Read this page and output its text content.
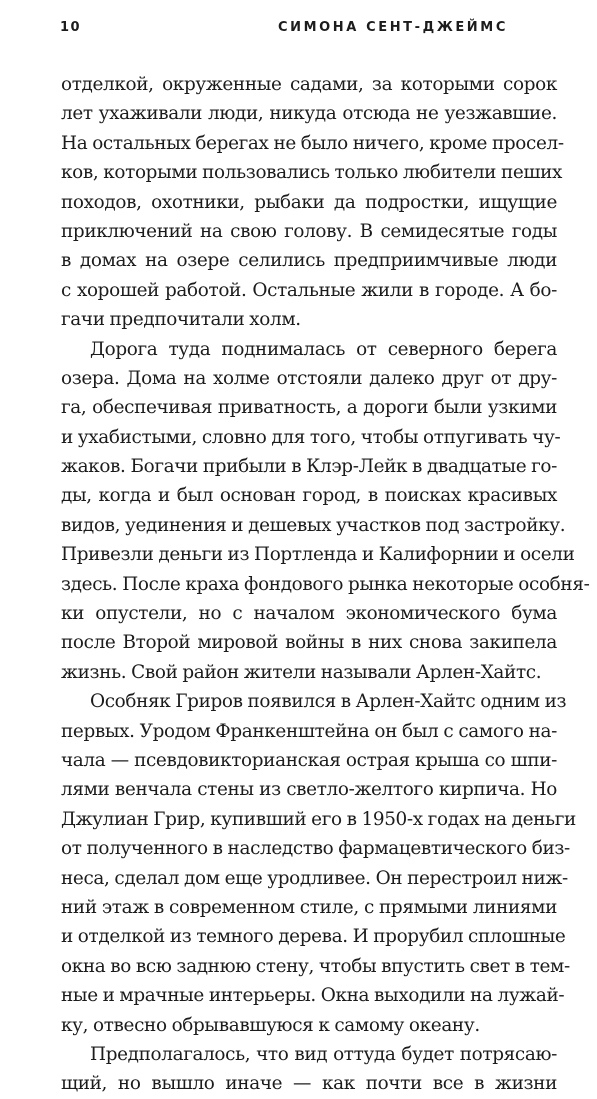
10	СИМОНА СЕНТ-ДЖЕЙМС

отделкой, окруженные садами, за которыми сорок
лет ухаживали люди, никуда отсюда не уезжавшие.
На остальных берегах не было ничего, кроме просел-
ков, которыми пользовались только любители пеших
походов, охотники, рыбаки да подростки, ищущие
приключений на свою голову. В семидесятые годы
в домах на озере селились предприимчивые люди
с хорошей работой. Остальные жили в городе. А бо-
гачи предпочитали холм.

Дорога туда поднималась от северного берега
озера. Дома на холме отстояли далеко друг от дру-
га, обеспечивая приватность, а дороги были узкими
и ухабистыми, словно для того, чтобы отпугивать чу-
жаков. Богачи прибыли в Клэр-Лейк в двадцатые го-
ды, когда и был основан город, в поисках красивых
видов, уединения и дешевых участков под застройку.
Привезли деньги из Портленда и Калифорнии и осели
здесь. После краха фондового рынка некоторые особня-
ки опустели, но с началом экономического бума
после Второй мировой войны в них снова закипела
жизнь. Свой район жители называли Арлен-Хайтс.

Особняк Гриров появился в Арлен-Хайтс одним из
первых. Уродом Франкенштейна он был с самого на-
чала — псевдовикторианская острая крыша со шпи-
лями венчала стены из светло-желтого кирпича. Но
Джулиан Грир, купивший его в 1950-х годах на деньги
от полученного в наследство фармацевтического биз-
неса, сделал дом еще уродливее. Он перестроил ниж-
ний этаж в современном стиле, с прямыми линиями
и отделкой из темного дерева. И прорубил сплошные
окна во всю заднюю стену, чтобы впустить свет в тем-
ные и мрачные интерьеры. Окна выходили на лужай-
ку, отвесно обрывавшуюся к самому океану.

Предполагалось, что вид оттуда будет потрясаю-
щий, но вышло иначе — как почти все в жизни
